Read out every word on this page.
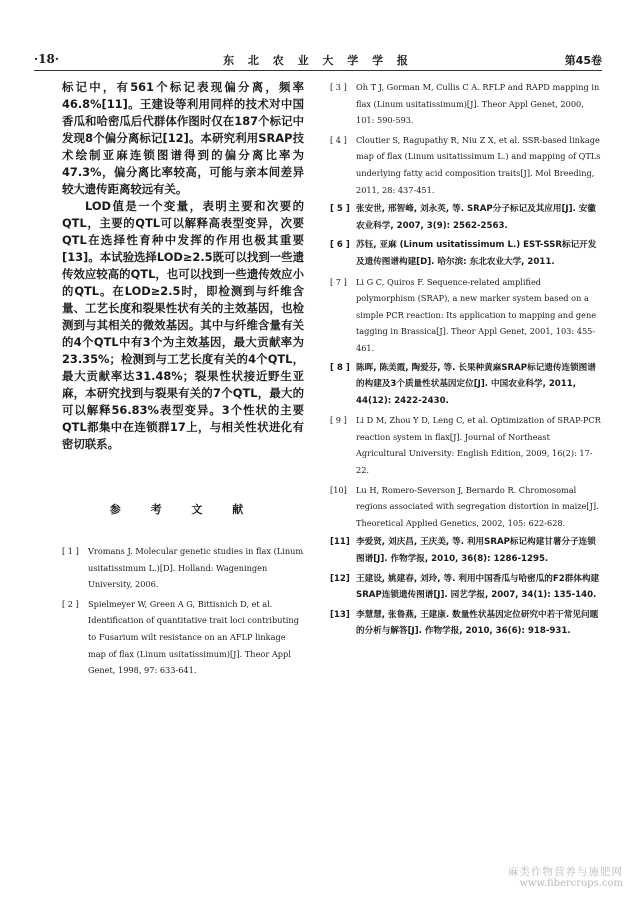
·18·	东 北 农 业 大 学 学 报	第45卷

标记中，有561个标记表现偏分离，频率46.8%[11]。王建设等利用同样的技术对中国香瓜和哈密瓜后代群体作图时仅在187个标记中发现8个偏分离标记[12]。本研究利用SRAP技术绘制亚麻连锁图谱得到的偏分离比率为47.3%，偏分离比率较高，可能与亲本间差异较大遗传距离较远有关。

LOD值是一个变量，表明主要和次要的QTL，主要的QTL可以解释高表型变异，次要QTL在选择性育种中发挥的作用也极其重要[13]。本试验选择LOD≥2.5既可以找到一些遗传效应较高的QTL，也可以找到一些遗传效应小的QTL。在LOD≥2.5时，即检测到与纤维含量、工艺长度和裂果性状有关的主效基因，也检测到与其相关的微效基因。其中与纤维含量有关的4个QTL中有3个为主效基因，最大贡献率为23.35%；检测到与工艺长度有关的4个QTL，最大贡献率达31.48%；裂果性状接近野生亚麻，本研究找到与裂果有关的7个QTL，最大的可以解释56.83%表型变异。3个性状的主要QTL都集中在连锁群17上，与相关性状进化有密切联系。

参 考 文 献
[ 1 ] Vromans J. Molecular genetic studies in flax (Linum usitatissimum L.)[D]. Holland: Wageningen University, 2006.
[ 2 ] Spielmeyer W, Green A G, Bittisnich D, et al. Identification of quantitative trait loci contributing to Fusarium wilt resistance on an AFLP linkage map of flax (Linum usitatissimum)[J]. Theor Appl Genet, 1998, 97: 633-641.
[ 3 ] Oh T J, Gorman M, Cullis C A. RFLP and RAPD mapping in flax (Linum usitatissimum)[J]. Theor Appl Genet, 2000, 101: 590-593.
[ 4 ] Cloutier S, Ragupathy R, Niu Z X, et al. SSR-based linkage map of flax (Linum usitatissimum L.) and mapping of QTLs underlying fatty acid composition traits[J]. Mol Breeding, 2011, 28: 437-451.
[ 5 ] 张安世, 邢智峰, 刘永英, 等. SRAP分子标记及其应用[J]. 安徽农业科学, 2007, 3(9): 2562-2563.
[ 6 ] 苏钰, 亚麻 (Linum usitatissimum L.) EST-SSR标记开发及遗传图谱构建[D]. 哈尔滨: 东北农业大学, 2011.
[ 7 ] Li G C, Quiros F. Sequence-related amplified polymorphism (SRAP), a new marker system based on a simple PCR reaction: Its application to mapping and gene tagging in Brassica[J]. Theor Appl Genet, 2001, 103: 455-461.
[ 8 ] 陈晖, 陈美霞, 陶爱芬, 等. 长果种黄麻SRAP标记遗传连锁图谱的构建及3个质量性状基因定位[J]. 中国农业科学, 2011, 44(12): 2422-2430.
[ 9 ] Li D M, Zhou Y D, Leng C, et al. Optimization of SRAP-PCR reaction system in flax[J]. Journal of Northeast Agricultural University: English Edition, 2009, 16(2): 17-22.
[10] Lu H, Romero-Severson J, Bernardo R. Chromosomal regions associated with segregation distortion in maize[J]. Theoretical Applied Genetics, 2002, 105: 622-628.
[11] 李爱贤, 刘庆昌, 王庆美, 等. 利用SRAP标记构建甘薯分子连锁图谱[J]. 作物学报, 2010, 36(8): 1286-1295.
[12] 王建设, 姚建春, 刘玲, 等. 利用中国香瓜与哈密瓜的F2群体构建SRAP连锁遗传图谱[J]. 园艺学报, 2007, 34(1): 135-140.
[13] 李慧慧, 张鲁燕, 王建康. 数量性状基因定位研究中若干常见问题的分析与解答[J]. 作物学报, 2010, 36(6): 918-931.
麻类作物营养与施肥网
www.fibercrops.com
